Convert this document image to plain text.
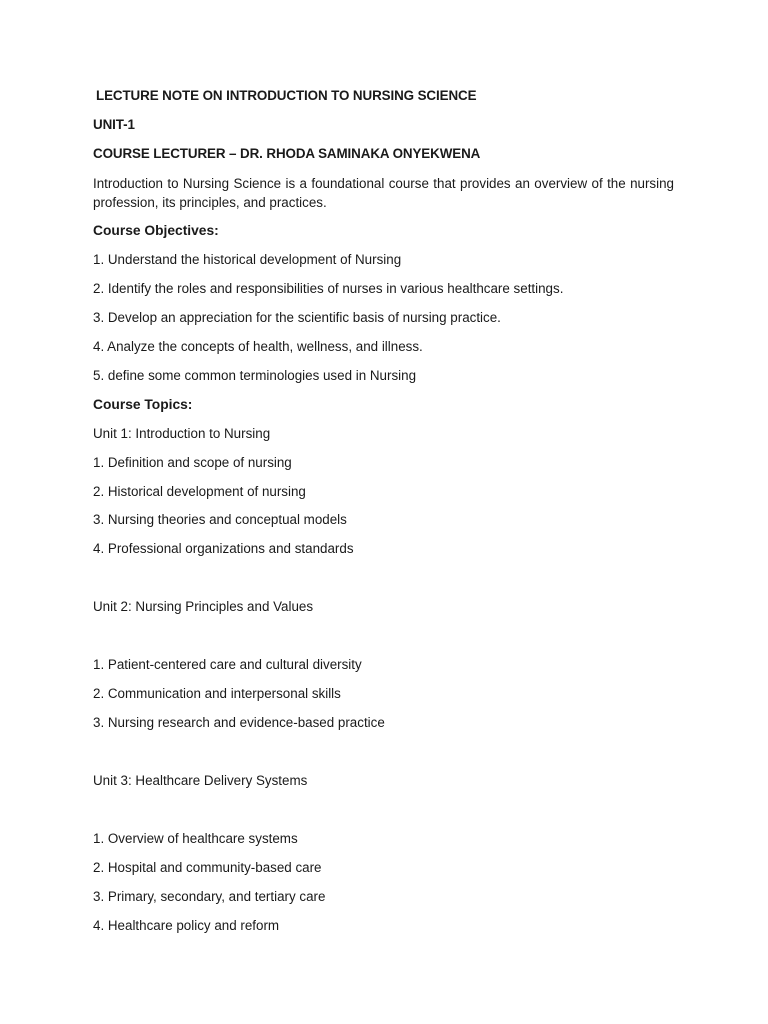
LECTURE NOTE ON INTRODUCTION TO NURSING SCIENCE
UNIT-1
COURSE LECTURER – DR. RHODA SAMINAKA ONYEKWENA
Introduction to Nursing Science is a foundational course that provides an overview of the nursing profession, its principles, and practices.
Course Objectives:
1. Understand the historical development of Nursing
2. Identify the roles and responsibilities of nurses in various healthcare settings.
3. Develop an appreciation for the scientific basis of nursing practice.
4. Analyze the concepts of health, wellness, and illness.
5. define some common terminologies used in Nursing
Course Topics:
Unit 1: Introduction to Nursing
1. Definition and scope of nursing
2. Historical development of nursing
3. Nursing theories and conceptual models
4. Professional organizations and standards
Unit 2: Nursing Principles and Values
1. Patient-centered care and cultural diversity
2. Communication and interpersonal skills
3. Nursing research and evidence-based practice
Unit 3: Healthcare Delivery Systems
1. Overview of healthcare systems
2. Hospital and community-based care
3. Primary, secondary, and tertiary care
4. Healthcare policy and reform
